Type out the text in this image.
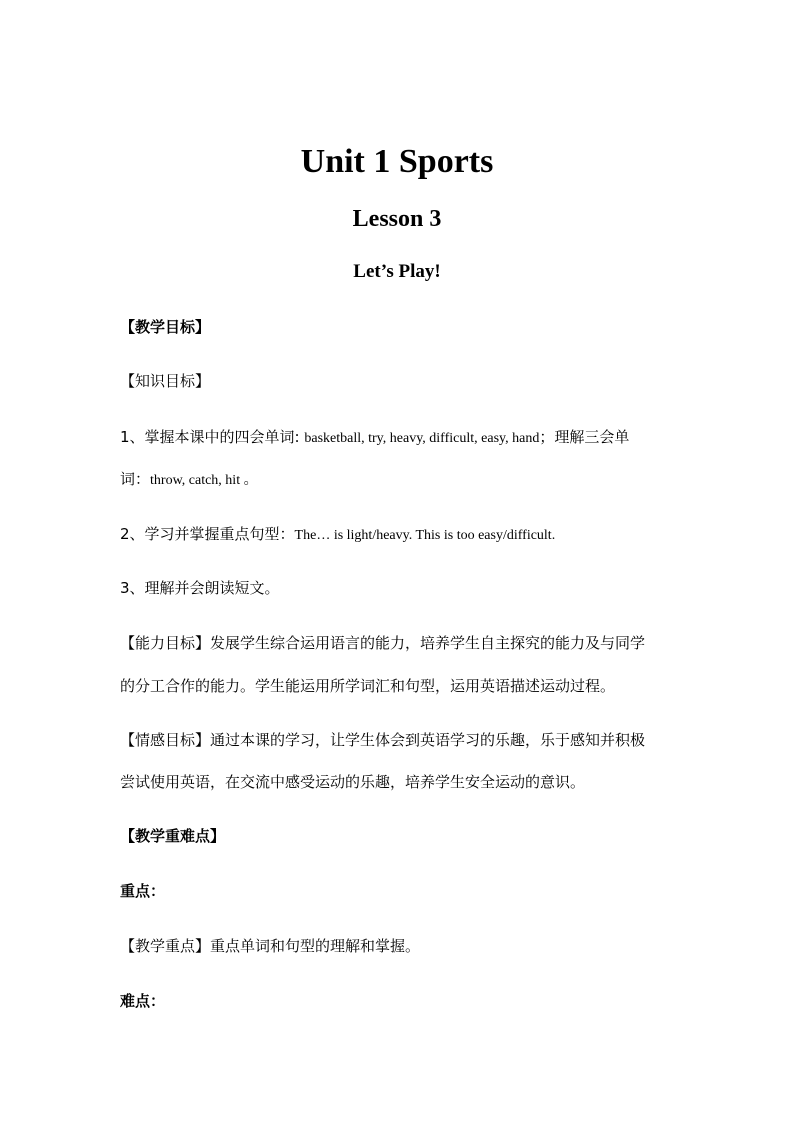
Unit 1 Sports
Lesson 3
Let’s Play!

【教学目标】

【知识目标】

1、掌握本课中的四会单词: basketball, try, heavy, difficult, easy, hand；理解三会单

词：throw, catch, hit 。

2、学习并掌握重点句型：The… is light/heavy. This is too easy/difficult.

3、理解并会朗读短文。

【能力目标】发展学生综合运用语言的能力，培养学生自主探究的能力及与同学

的分工合作的能力。学生能运用所学词汇和句型，运用英语描述运动过程。

【情感目标】通过本课的学习，让学生体会到英语学习的乐趣，乐于感知并积极

尝试使用英语，在交流中感受运动的乐趣，培养学生安全运动的意识。

【教学重难点】

重点：

【教学重点】重点单词和句型的理解和掌握。

难点：
